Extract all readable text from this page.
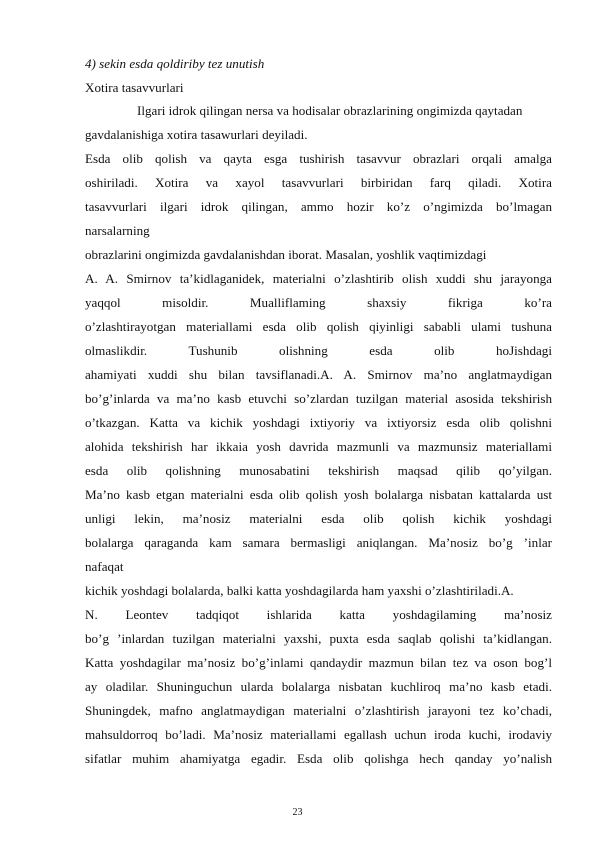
4) sekin esda qoldiriby tez unutish
Xotira tasavvurlari
Ilgari idrok qilingan nersa va hodisalar obrazlarining ongimizda qaytadan
gavdalanishiga xotira tasawurlari deyiladi.
Esda olib qolish va qayta esga tushirish tasavvur obrazlari orqali amalga
oshiriladi. Xotira va xayol tasavvurlari birbiridan farq qiladi. Xotira
tasavvurlari ilgari idrok qilingan, ammo hozir ko’z o’ngimizda bo’lmagan
narsalarning
obrazlarini ongimizda gavdalanishdan iborat. Masalan, yoshlik vaqtimizdagi
A. A. Smirnov ta’kidlaganidek, materialni o’zlashtirib olish xuddi shu jarayonga
yaqqol misoldir. Mualliflaming shaxsiy fikriga ko’ra
o’zlashtirayotgan materiallami esda olib qolish qiyinligi sababli ulami tushuna
olmaslikdir. Tushunib olishning esda olib hoJishdagi
ahamiyati xuddi shu bilan tavsiflanadi.A. A. Smirnov ma’no anglatmaydigan
bo’g’inlarda va ma’no kasb etuvchi so’zlardan tuzilgan material asosida tekshirish
o’tkazgan. Katta va kichik yoshdagi ixtiyoriy va ixtiyorsiz esda olib qolishni
alohida tekshirish har ikkaia yosh davrida mazmunli va mazmunsiz materiallami
esda olib qolishning munosabatini tekshirish maqsad qilib qo’yilgan.
Ma’no kasb etgan materialni esda olib qolish yosh bolalarga nisbatan kattalarda ust
unligi lekin, ma’nosiz materialni esda olib qolish kichik yoshdagi
bolalarga qaraganda kam samara bermasligi aniqlangan. Ma’nosiz bo’g ’inlar
nafaqat
kichik yoshdagi bolalarda, balki katta yoshdagilarda ham yaxshi o’zlashtiriladi.A.
N. Leontev tadqiqot ishlarida katta yoshdagilaming ma’nosiz
bo’g ’inlardan tuzilgan materialni yaxshi, puxta esda saqlab qolishi ta’kidlangan.
Katta yoshdagilar ma’nosiz bo’g’inlami qandaydir mazmun bilan tez va oson bog’l
ay oladilar. Shuninguchun ularda bolalarga nisbatan kuchliroq ma’no kasb etadi.
Shuningdek, mafno anglatmaydigan materialni o’zlashtirish jarayoni tez ko’chadi,
mahsuldorroq bo’ladi. Ma’nosiz materiallami egallash uchun iroda kuchi, irodaviy
sifatlar muhim ahamiyatga egadir. Esda olib qolishga hech qanday yo’nalish
23
